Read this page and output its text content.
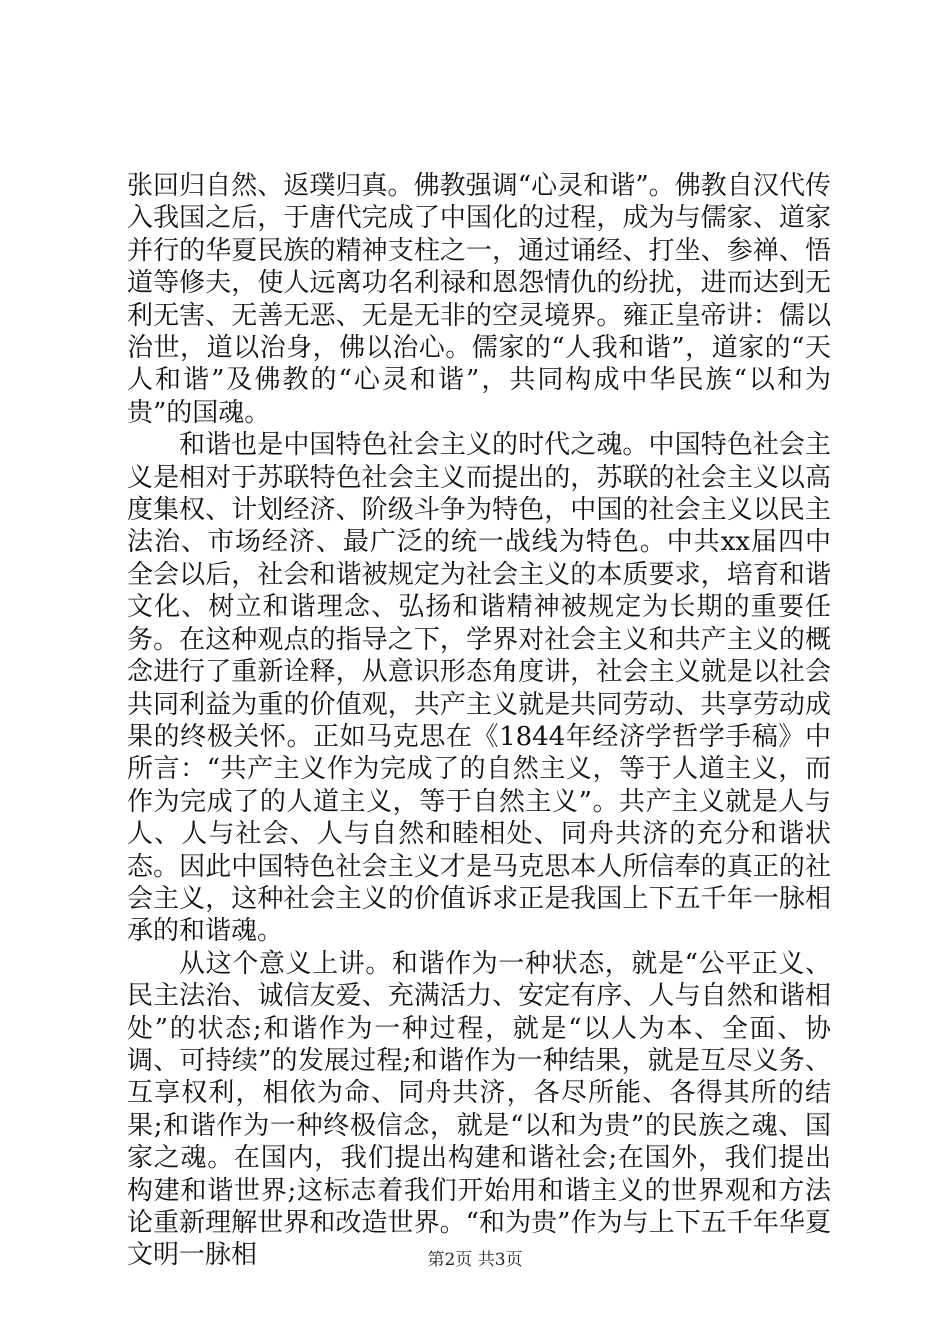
张回归自然、返璞归真。佛教强调“心灵和谐”。佛教自汉代传入我国之后，于唐代完成了中国化的过程，成为与儒家、道家并行的华夏民族的精神支柱之一，通过诵经、打坐、参禅、悟道等修夫，使人远离功名利禄和恩怨情仇的纷扰，进而达到无利无害、无善无恶、无是无非的空灵境界。雍正皇帝讲：儒以治世，道以治身，佛以治心。儒家的“人我和谐”，道家的“天人和谐”及佛教的“心灵和谐”，共同构成中华民族“以和为贵”的国魂。

和谐也是中国特色社会主义的时代之魂。中国特色社会主义是相对于苏联特色社会主义而提出的，苏联的社会主义以高度集权、计划经济、阶级斗争为特色，中国的社会主义以民主法治、市场经济、最广泛的统一战线为特色。中共xx届四中全会以后，社会和谐被规定为社会主义的本质要求，培育和谐文化、树立和谐理念、弘扬和谐精神被规定为长期的重要任务。在这种观点的指导之下，学界对社会主义和共产主义的概念进行了重新诠释，从意识形态角度讲，社会主义就是以社会共同利益为重的价值观，共产主义就是共同劳动、共享劳动成果的终极关怀。正如马克思在《1844年经济学哲学手稿》中所言：“共产主义作为完成了的自然主义，等于人道主义，而作为完成了的人道主义，等于自然主义”。共产主义就是人与人、人与社会、人与自然和睦相处、同舟共济的充分和谐状态。因此中国特色社会主义才是马克思本人所信奉的真正的社会主义，这种社会主义的价值诉求正是我国上下五千年一脉相承的和谐魂。

从这个意义上讲。和谐作为一种状态，就是“公平正义、民主法治、诚信友爱、充满活力、安定有序、人与自然和谐相处”的状态;和谐作为一种过程，就是“以人为本、全面、协调、可持续”的发展过程;和谐作为一种结果，就是互尽义务、互享权利，相依为命、同舟共济，各尽所能、各得其所的结果;和谐作为一种终极信念，就是“以和为贵”的民族之魂、国家之魂。在国内，我们提出构建和谐社会;在国外，我们提出构建和谐世界;这标志着我们开始用和谐主义的世界观和方法论重新理解世界和改造世界。“和为贵”作为与上下五千年华夏文明一脉相	第2页 共3页
